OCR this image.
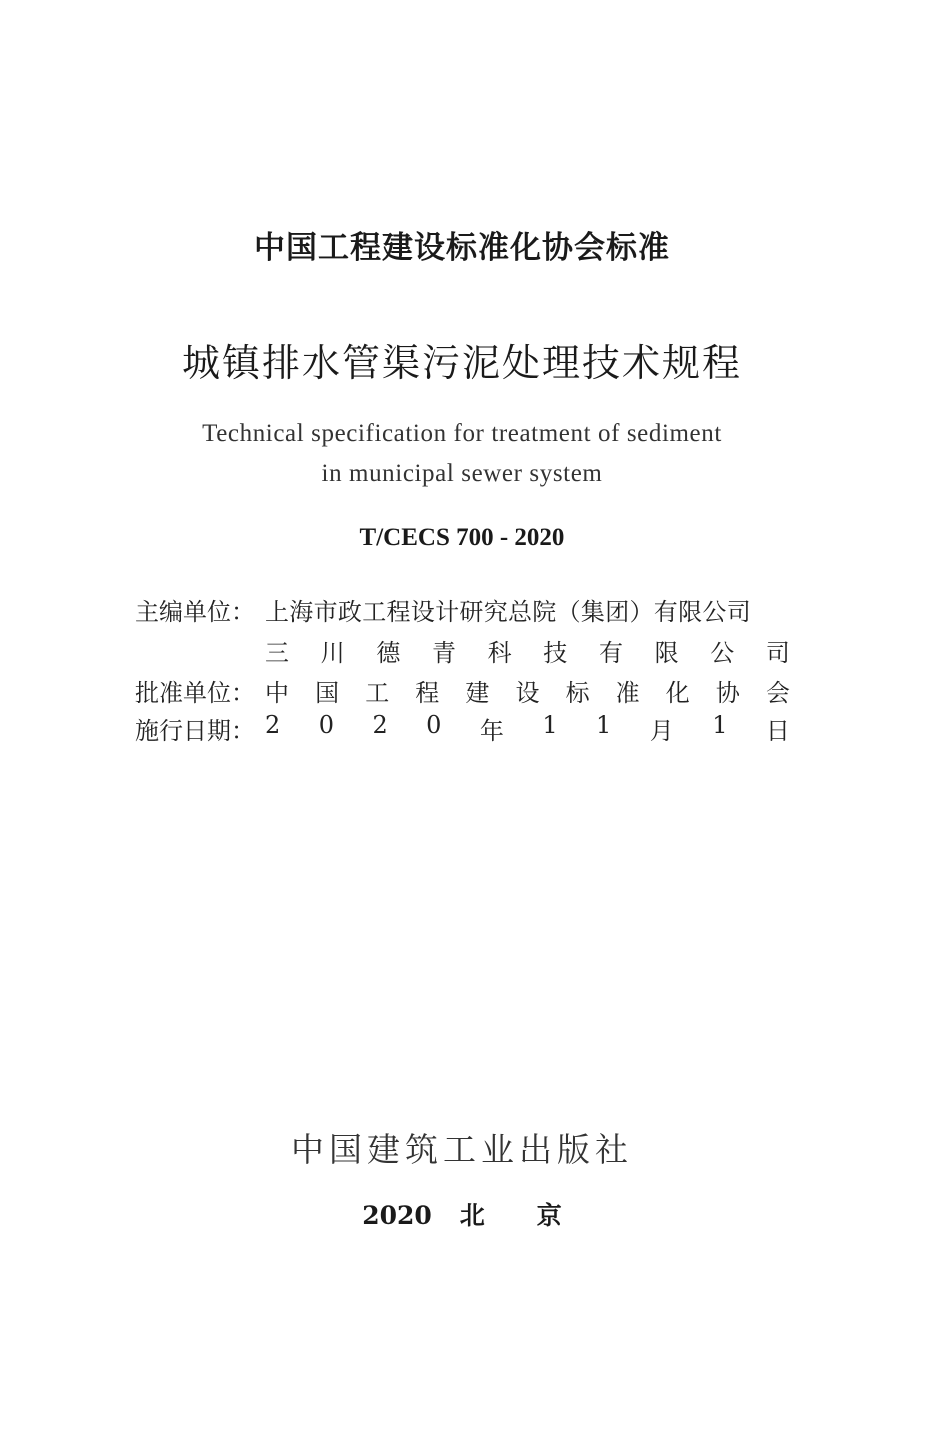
中国工程建设标准化协会标准
城镇排水管渠污泥处理技术规程
Technical specification for treatment of sediment
in municipal sewer system
T/CECS 700 - 2020
主编单位： 上海市政工程设计研究总院（集团）有限公司
三 川 德 青 科 技 有 限 公 司
批准单位： 中 国 工 程 建 设 标 准 化 协 会
施行日期： 2 0 2 0 年 1 1 月 1 日
中国建筑工业出版社
2020 北 京
